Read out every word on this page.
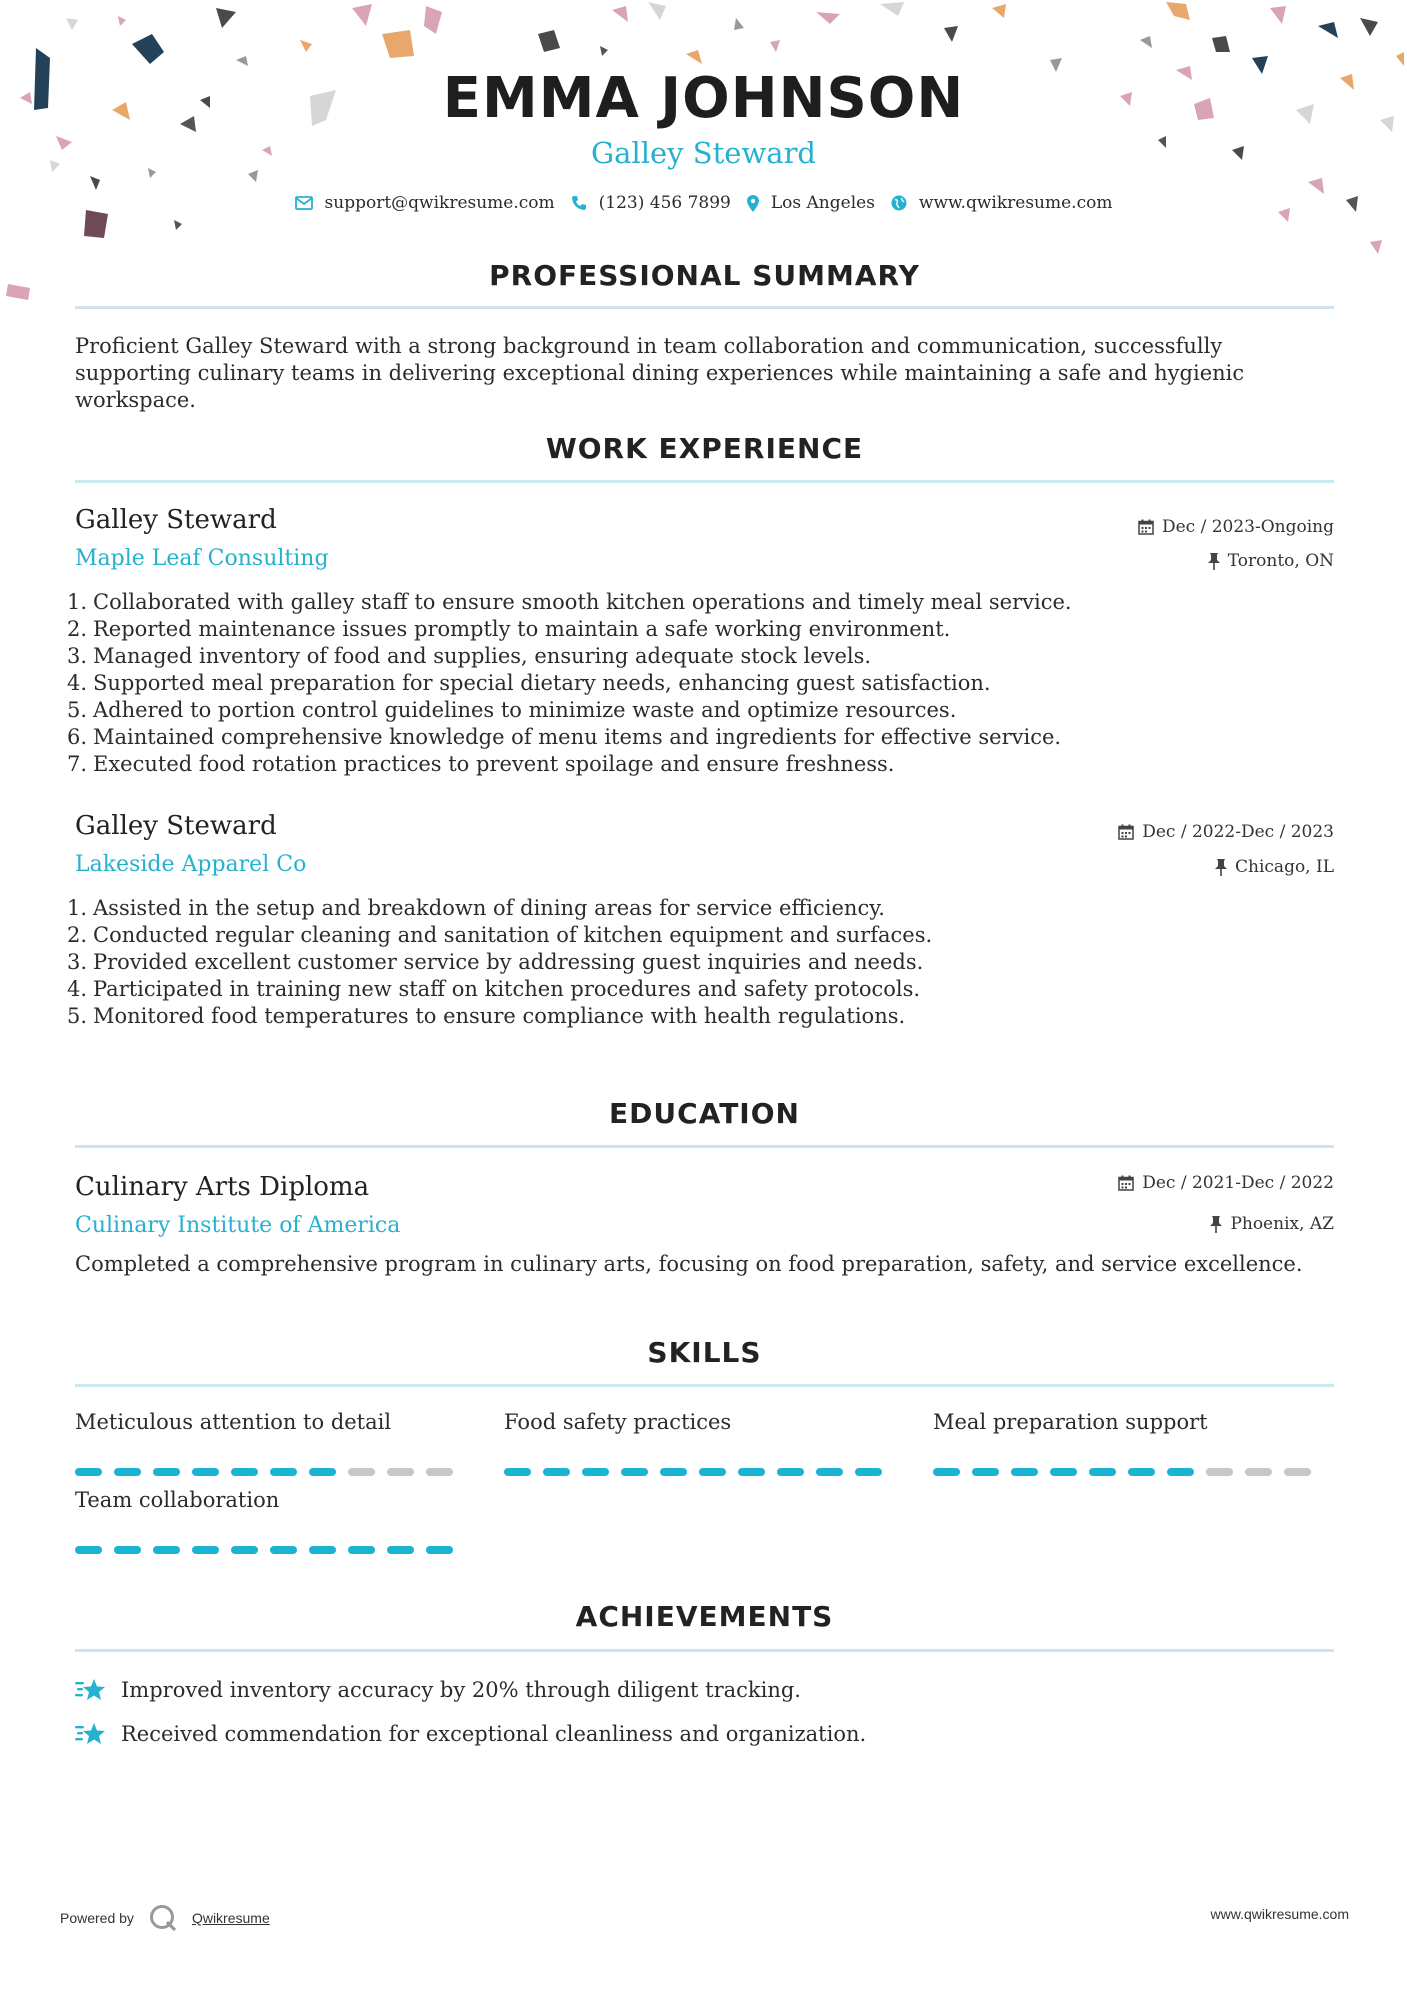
EMMA JOHNSON
Galley Steward
support@qwikresume.com	(123) 456 7899 Los Angeles	www.qwikresume.com
PROFESSIONAL SUMMARY
Proficient Galley Steward with a strong background in team collaboration and communication, successfully supporting culinary teams in delivering exceptional dining experiences while maintaining a safe and hygienic workspace.
WORK EXPERIENCE
Galley Steward
Maple Leaf Consulting
Dec / 2023-Ongoing
Toronto, ON
1. Collaborated with galley staff to ensure smooth kitchen operations and timely meal service.
2. Reported maintenance issues promptly to maintain a safe working environment.
3. Managed inventory of food and supplies, ensuring adequate stock levels.
4. Supported meal preparation for special dietary needs, enhancing guest satisfaction.
5. Adhered to portion control guidelines to minimize waste and optimize resources.
6. Maintained comprehensive knowledge of menu items and ingredients for effective service.
7. Executed food rotation practices to prevent spoilage and ensure freshness.
Galley Steward
Lakeside Apparel Co
Dec / 2022-Dec / 2023
Chicago, IL
1. Assisted in the setup and breakdown of dining areas for service efficiency.
2. Conducted regular cleaning and sanitation of kitchen equipment and surfaces.
3. Provided excellent customer service by addressing guest inquiries and needs.
4. Participated in training new staff on kitchen procedures and safety protocols.
5. Monitored food temperatures to ensure compliance with health regulations.
EDUCATION
Culinary Arts Diploma
Culinary Institute of America
Dec / 2021-Dec / 2022
Phoenix, AZ
Completed a comprehensive program in culinary arts, focusing on food preparation, safety, and service excellence.
SKILLS
Meticulous attention to detail	Food safety practices	Meal preparation support
Team collaboration
ACHIEVEMENTS
Improved inventory accuracy by 20% through diligent tracking.
Received commendation for exceptional cleanliness and organization.
Powered by	Qwikresume	www.qwikresume.com
